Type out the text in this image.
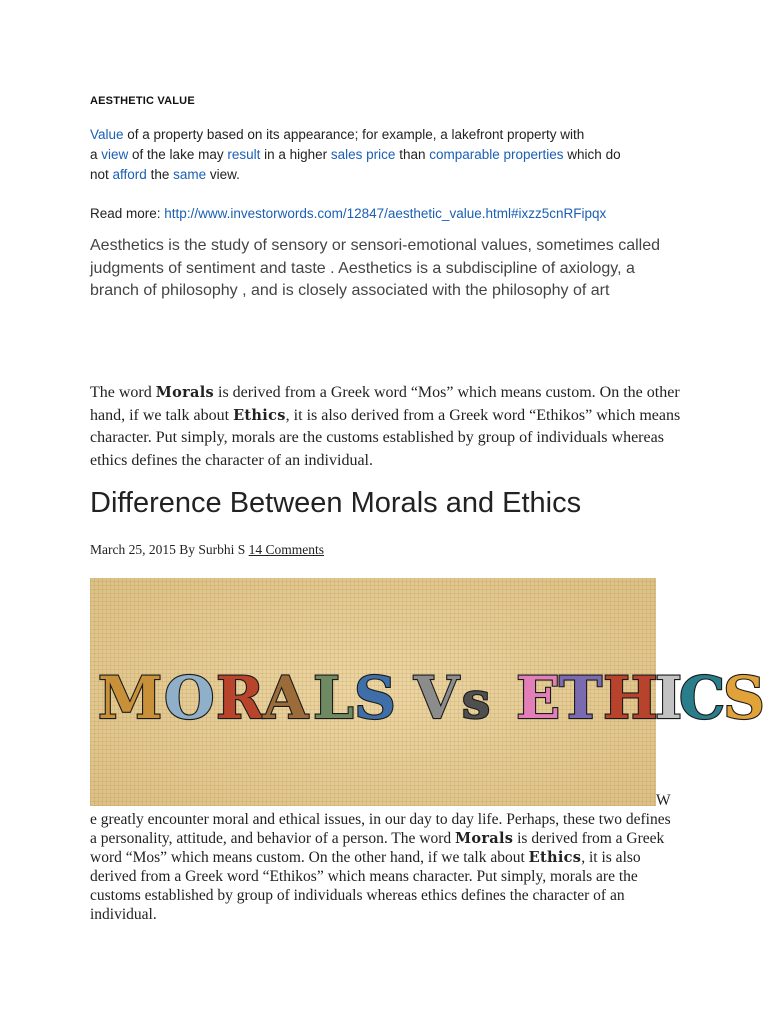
AESTHETIC VALUE
Value of a property based on its appearance; for example, a lakefront property with
a view of the lake may result in a higher sales price than comparable properties which do
not afford the same view.
Read more: http://www.investorwords.com/12847/aesthetic_value.html#ixzz5cnRFipqx
Aesthetics is the study of sensory or sensori-emotional values, sometimes called judgments of sentiment and taste . Aesthetics is a subdiscipline of axiology, a branch of philosophy , and is closely associated with the philosophy of art
The word Morals is derived from a Greek word “Mos” which means custom. On the other hand, if we talk about Ethics, it is also derived from a Greek word “Ethikos” which means character. Put simply, morals are the customs established by group of individuals whereas ethics defines the character of an individual.
Difference Between Morals and Ethics
March 25, 2015 By Surbhi S 14 Comments
M O R
A L S V s E
T H
I
C
S
W
e greatly encounter moral and ethical issues, in our day to day life. Perhaps, these two defines a personality, attitude, and behavior of a person. The word Morals is derived from a Greek word “Mos” which means custom. On the other hand, if we talk about Ethics, it is also derived from a Greek word “Ethikos” which means character. Put simply, morals are the customs established by group of individuals whereas ethics defines the character of an individual.
